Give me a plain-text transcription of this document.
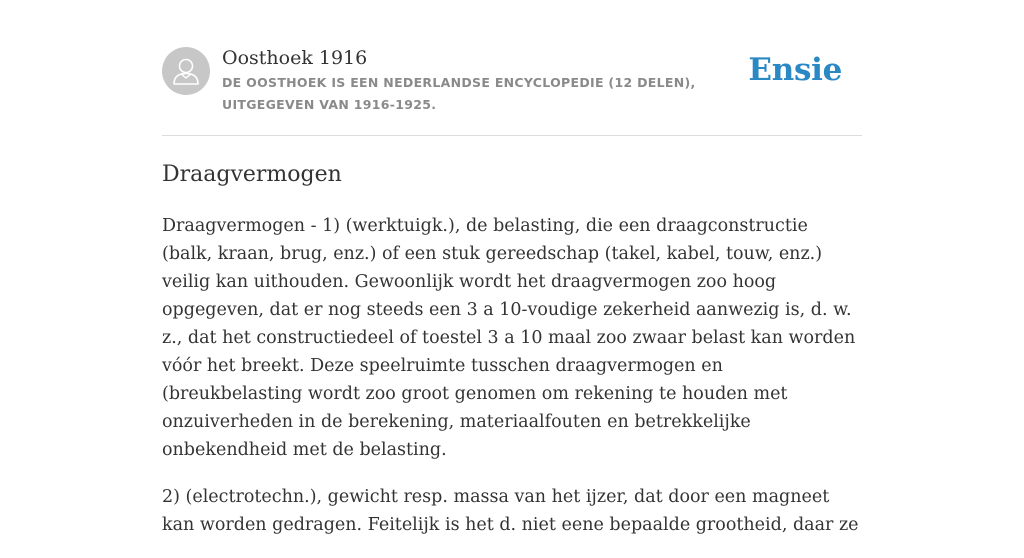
Oosthoek 1916
DE OOSTHOEK IS EEN NEDERLANDSE ENCYCLOPEDIE (12 DELEN), UITGEGEVEN VAN 1916-1925.
Ensie
Draagvermogen

Draagvermogen - 1) (werktuigk.), de belasting, die een draagconstructie (balk, kraan, brug, enz.) of een stuk gereedschap (takel, kabel, touw, enz.) veilig kan uithouden. Gewoonlijk wordt het draagvermogen zoo hoog opgegeven, dat er nog steeds een 3 a 10-voudige zekerheid aanwezig is, d. w. z., dat het constructiedeel of toestel 3 a 10 maal zoo zwaar belast kan worden vóór het breekt. Deze speelruimte tusschen draagvermogen en (breukbelasting wordt zoo groot genomen om rekening te houden met onzuiverheden in de berekening, materiaalfouten en betrekkelijke onbekendheid met de belasting.

2) (electrotechn.), gewicht resp. massa van het ijzer, dat door een magneet kan worden gedragen. Feitelijk is het d. niet eene bepaalde grootheid, daar ze
